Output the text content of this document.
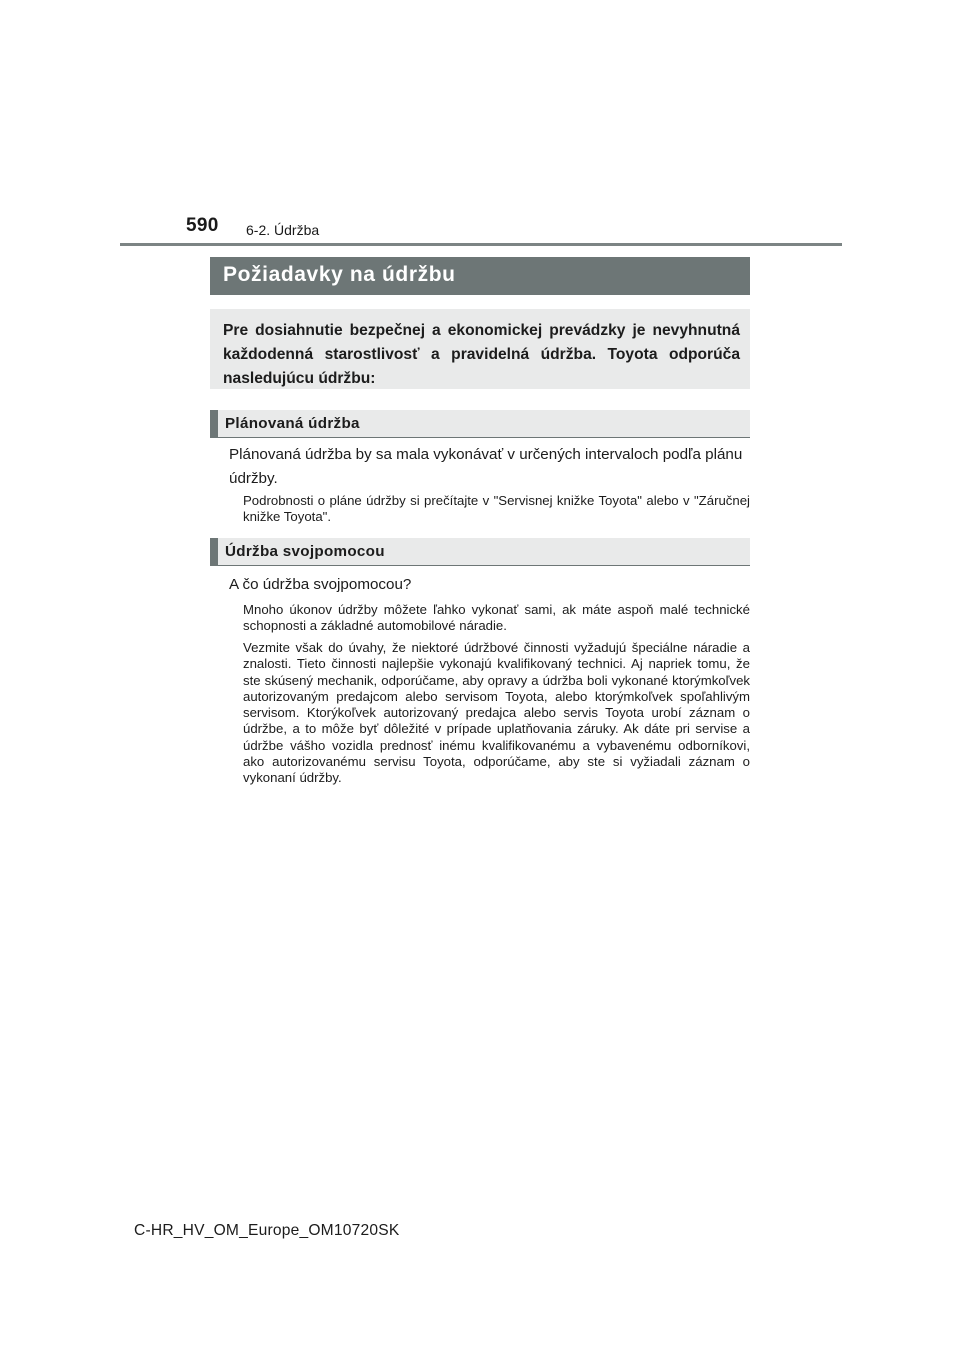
590 6-2. Údržba
Požiadavky na údržbu
Pre dosiahnutie bezpečnej a ekonomickej prevádzky je nevyhnutná každodenná starostlivosť a pravidelná údržba. Toyota odporúča nasledujúcu údržbu:
Plánovaná údržba
Plánovaná údržba by sa mala vykonávať v určených intervaloch podľa plánu údržby.
Podrobnosti o pláne údržby si prečítajte v "Servisnej knižke Toyota" alebo v "Záručnej knižke Toyota".
Údržba svojpomocou
A čo údržba svojpomocou?
Mnoho úkonov údržby môžete ľahko vykonať sami, ak máte aspoň malé technické schopnosti a základné automobilové náradie.
Vezmite však do úvahy, že niektoré údržbové činnosti vyžadujú špeciálne náradie a znalosti. Tieto činnosti najlepšie vykonajú kvalifikovaný technici. Aj napriek tomu, že ste skúsený mechanik, odporúčame, aby opravy a údržba boli vykonané ktorýmkoľvek autorizovaným predajcom alebo servisom Toyota, alebo ktorýmkoľvek spoľahlivým servisom. Ktorýkoľvek autorizovaný predajca alebo servis Toyota urobí záznam o údržbe, a to môže byť dôležité v prípade uplatňovania záruky. Ak dáte pri servise a údržbe vášho vozidla prednosť inému kvalifikovanému a vybavenému odborníkovi, ako autorizovanému servisu Toyota, odporúčame, aby ste si vyžiadali záznam o vykonaní údržby.
C-HR_HV_OM_Europe_OM10720SK
